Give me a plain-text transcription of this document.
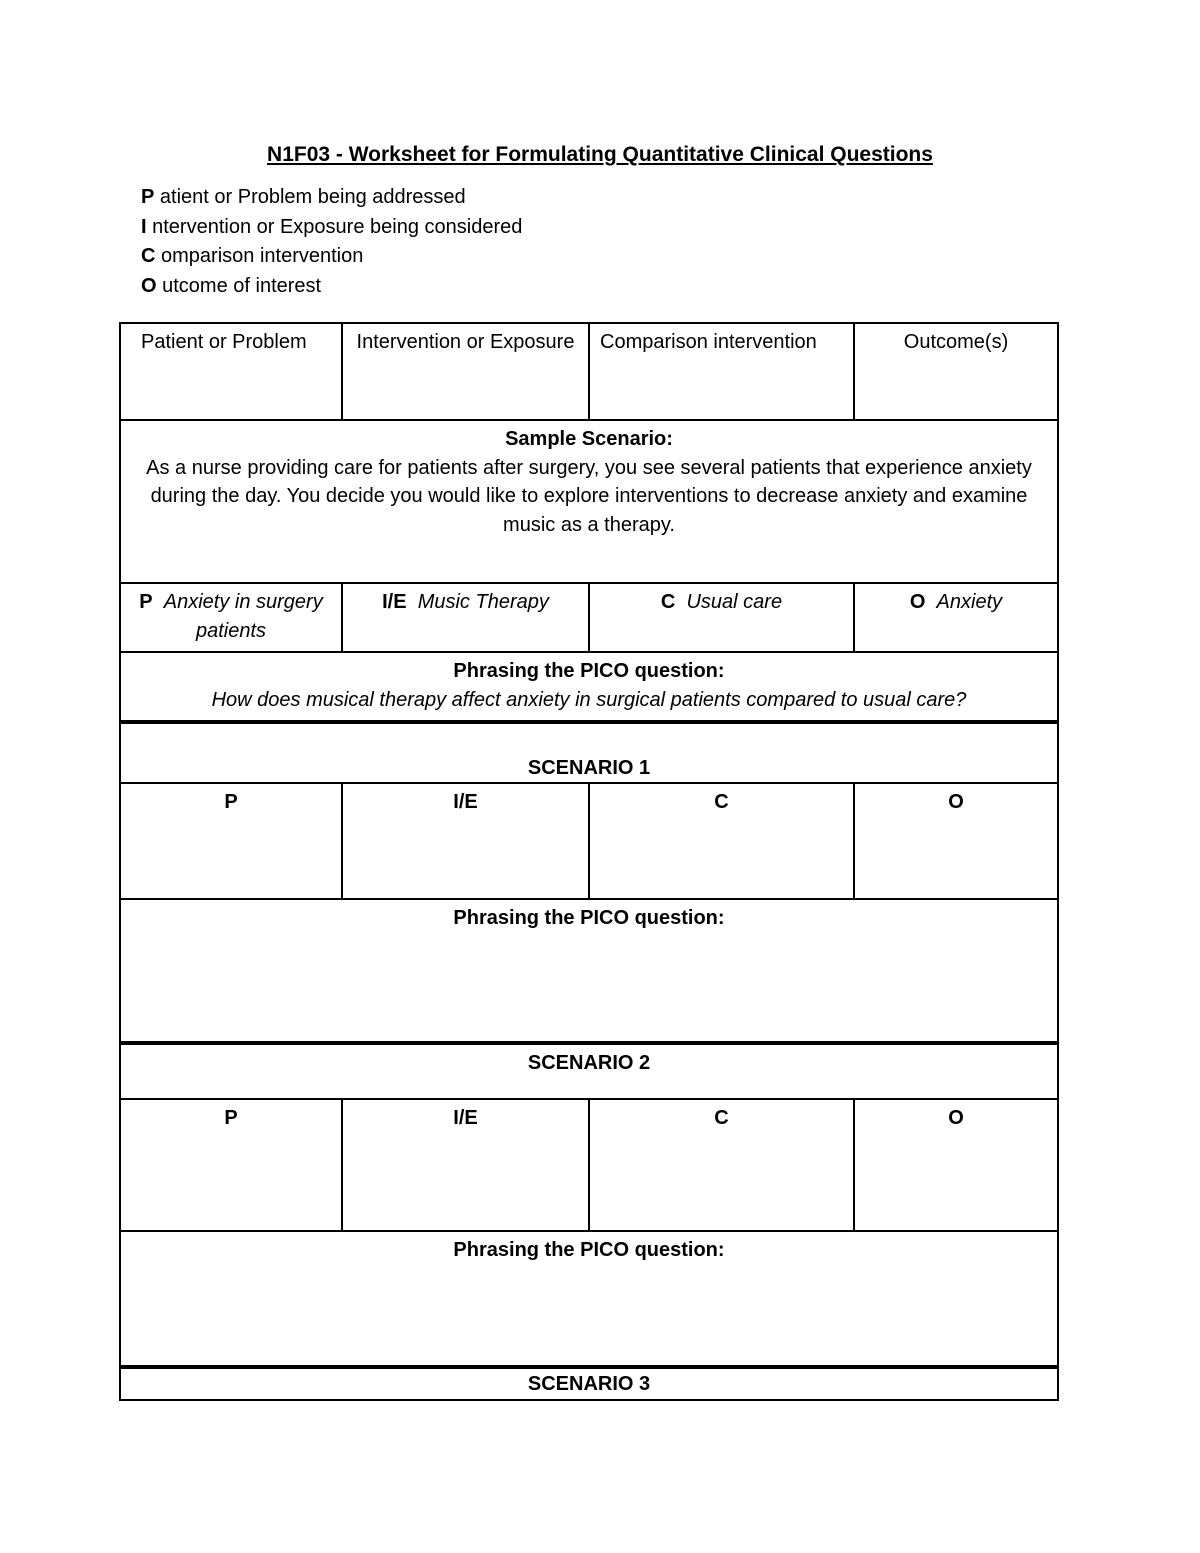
N1F03 - Worksheet for Formulating Quantitative Clinical Questions
P atient or Problem being addressed
I ntervention or Exposure being considered
C omparison intervention
O utcome of interest
Patient or Problem	Intervention or Exposure	Comparison intervention	Outcome(s)

Sample Scenario:
As a nurse providing care for patients after surgery, you see several patients that experience anxiety during the day. You decide you would like to explore interventions to decrease anxiety and examine music as a therapy.			

P Anxiety in surgery patients	I/E Music Therapy	C Usual care	O Anxiety

Phrasing the PICO question:
How does musical therapy affect anxiety in surgical patients compared to usual care?			

SCENARIO 1			
P	I/E	C	O
Phrasing the PICO question:			
SCENARIO 2			
P	I/E	C	O
Phrasing the PICO question:			
SCENARIO 3			
